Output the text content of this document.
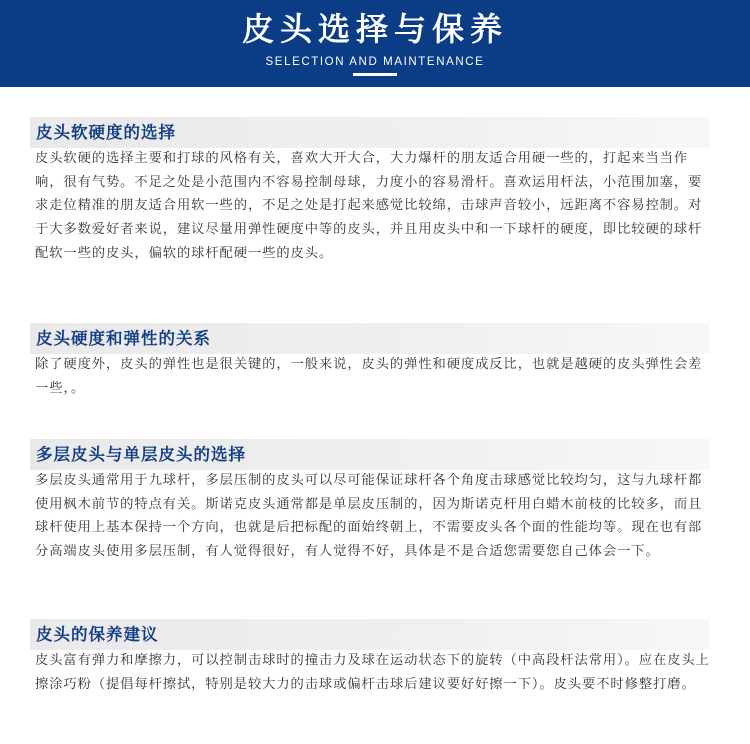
皮头选择与保养
SELECTION AND MAINTENANCE
皮头软硬度的选择

皮头软硬的选择主要和打球的风格有关，喜欢大开大合，大力爆杆的朋友适合用硬一些的，打起来当当作响，很有气势。不足之处是小范围内不容易控制母球，力度小的容易滑杆。喜欢运用杆法，小范围加塞，要求走位精准的朋友适合用软一些的，不足之处是打起来感觉比较绵，击球声音较小，远距离不容易控制。对于大多数爱好者来说，建议尽量用弹性硬度中等的皮头，并且用皮头中和一下球杆的硬度，即比较硬的球杆配软一些的皮头，偏软的球杆配硬一些的皮头。

皮头硬度和弹性的关系

除了硬度外，皮头的弹性也是很关键的，一般来说，皮头的弹性和硬度成反比，也就是越硬的皮头弹性会差一些，。

多层皮头与单层皮头的选择

多层皮头通常用于九球杆，多层压制的皮头可以尽可能保证球杆各个角度击球感觉比较均匀，这与九球杆都使用枫木前节的特点有关。斯诺克皮头通常都是单层皮压制的，因为斯诺克杆用白蜡木前枝的比较多，而且球杆使用上基本保持一个方向，也就是后把标配的面始终朝上，不需要皮头各个面的性能均等。现在也有部分高端皮头使用多层压制，有人觉得很好，有人觉得不好，具体是不是合适您需要您自己体会一下。

皮头的保养建议

皮头富有弹力和摩擦力，可以控制击球时的撞击力及球在运动状态下的旋转（中高段杆法常用）。应在皮头上擦涂巧粉（提倡每杆擦拭，特别是较大力的击球或偏杆击球后建议要好好擦一下）。皮头要不时修整打磨。
